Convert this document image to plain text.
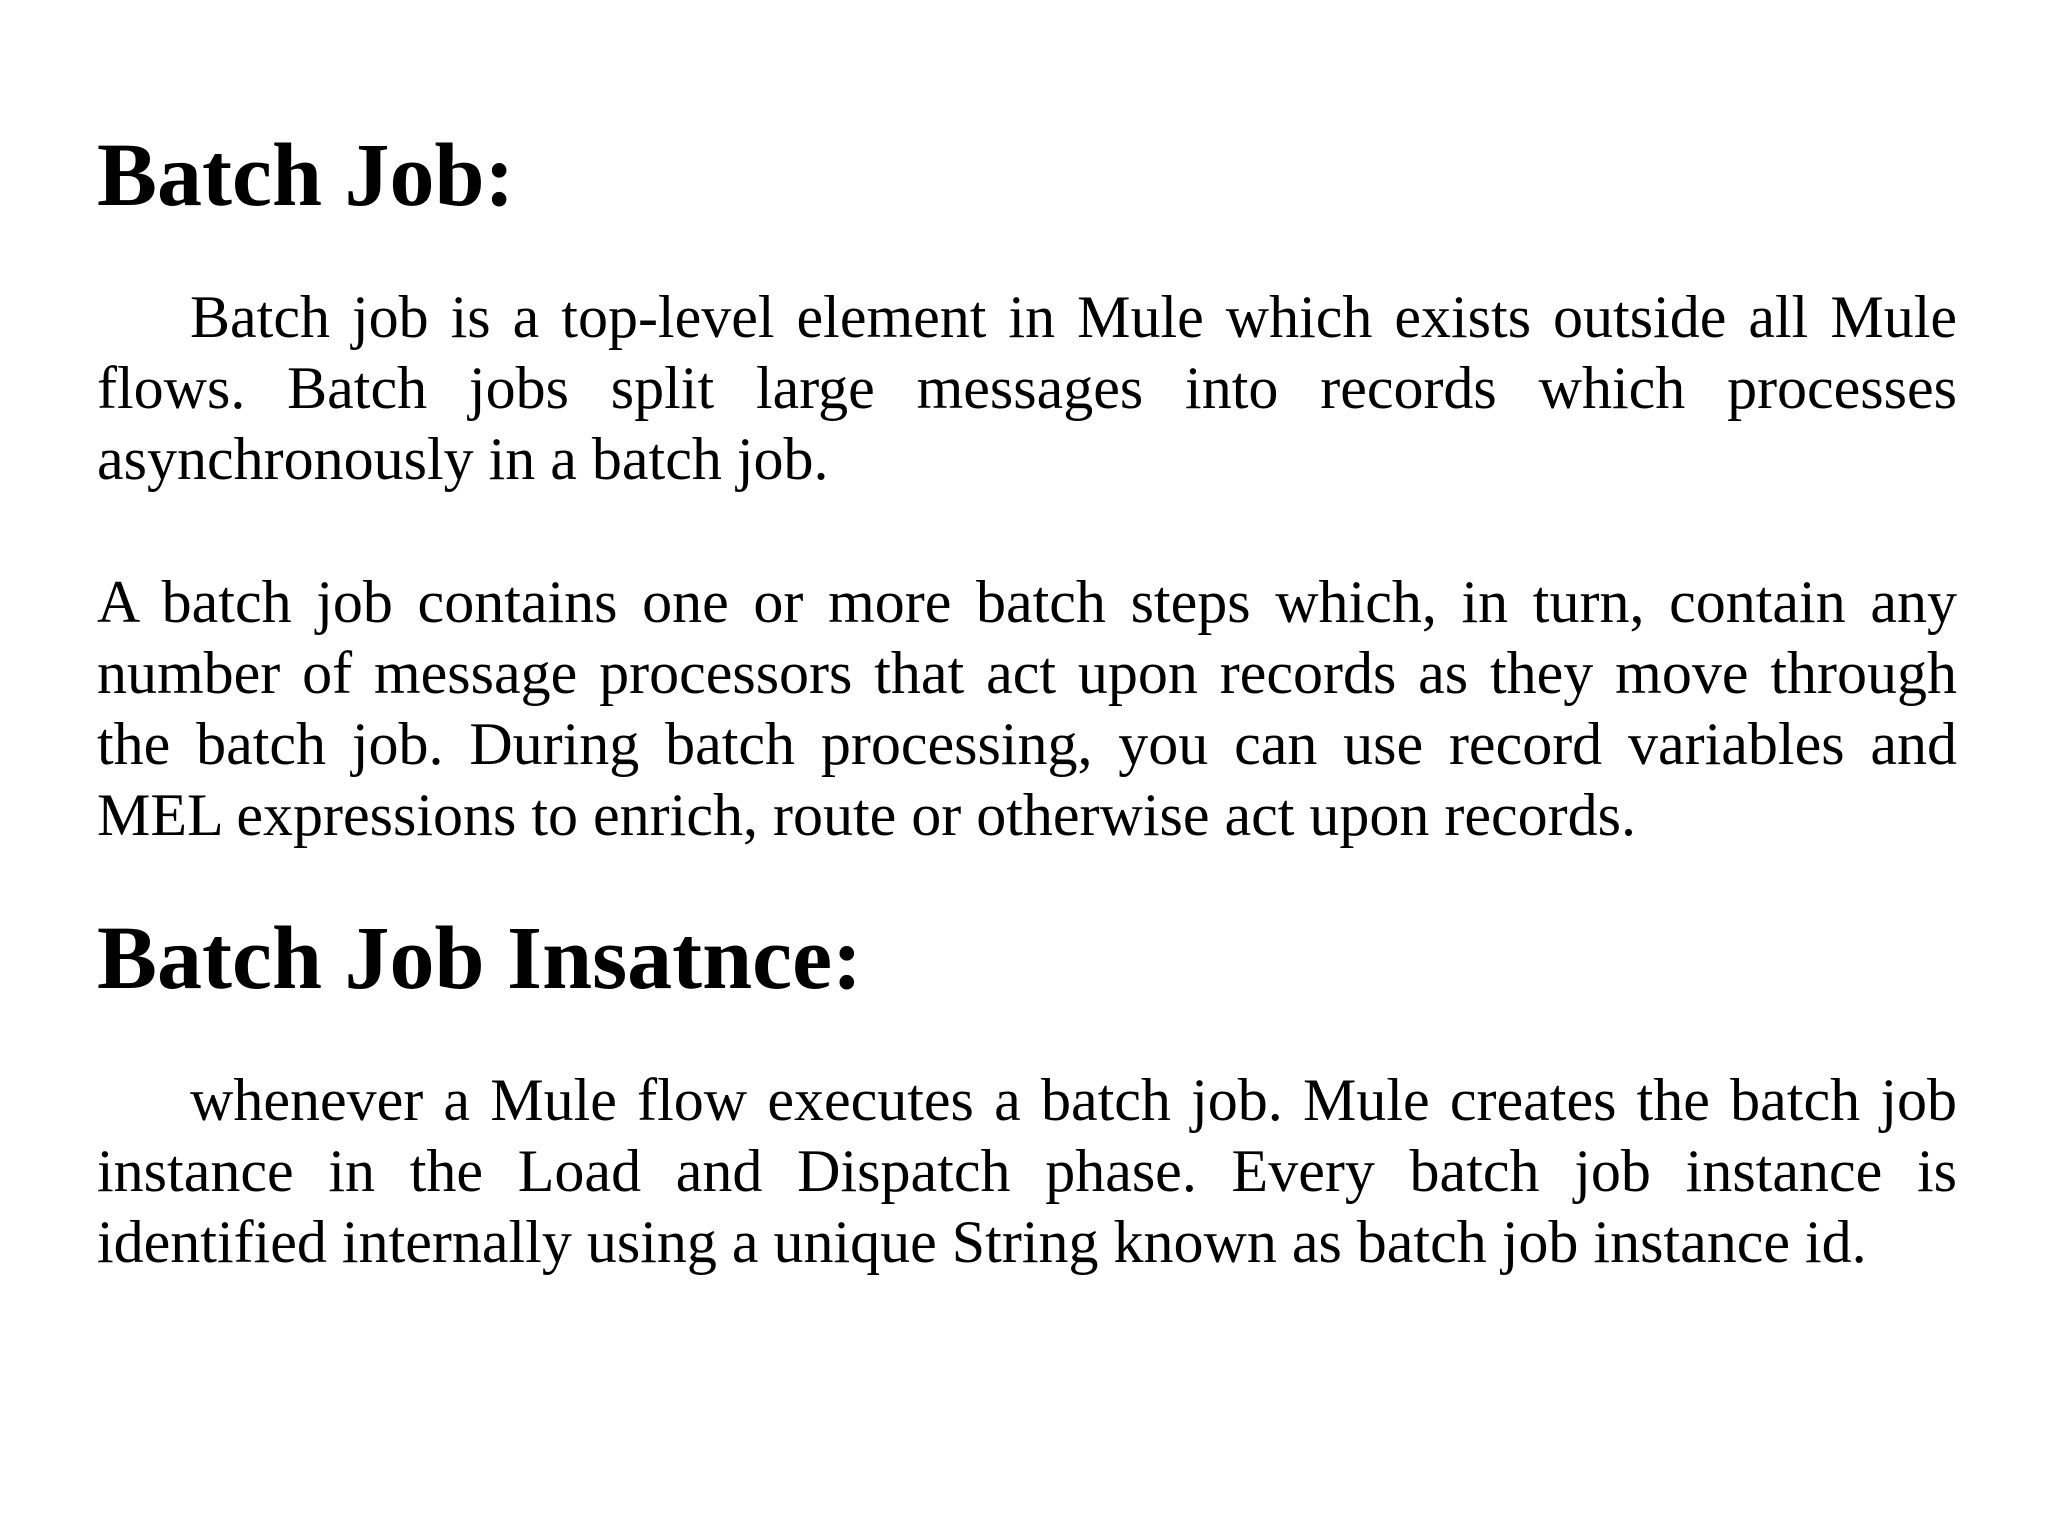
Batch Job:

Batch job is a top-level element in Mule which exists outside all Mule flows. Batch jobs split large messages into records which processes asynchronously in a batch job.

A batch job contains one or more batch steps which, in turn, contain any number of message processors that act upon records as they move through the batch job. During batch processing, you can use record variables and MEL expressions to enrich, route or otherwise act upon records.

Batch Job Insatnce:

whenever a Mule flow executes a batch job. Mule creates the batch job instance in the Load and Dispatch phase. Every batch job instance is identified internally using a unique String known as batch job instance id.
